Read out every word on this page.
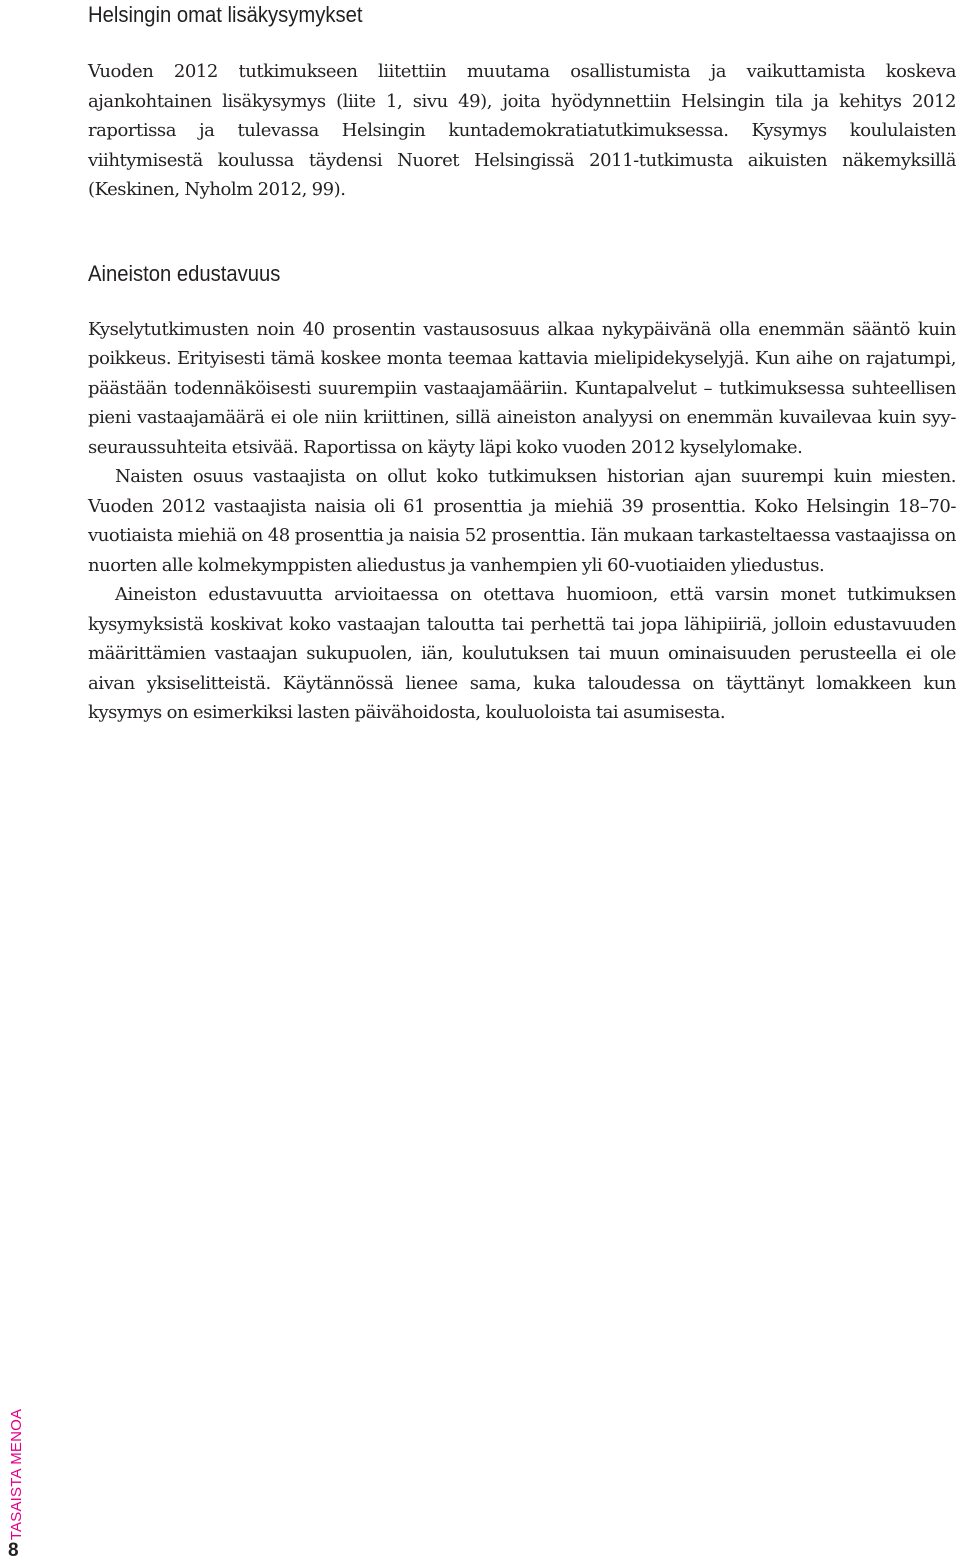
Helsingin omat lisäkysymykset

Vuoden 2012 tutkimukseen liitettiin muutama osallistumista ja vaikuttamista koskeva ajankohtainen lisäkysymys (liite 1, sivu 49), joita hyödynnettiin Helsingin tila ja kehitys 2012 raportissa ja tulevassa Helsingin kuntademokratiatutkimuksessa. Kysymys koululaisten viihtymisestä koulussa täydensi Nuoret Helsingissä 2011-tutkimusta aikuisten näkemyksillä (Keskinen, Nyholm 2012, 99).

Aineiston edustavuus

Kyselytutkimusten noin 40 prosentin vastausosuus alkaa nykypäivänä olla enemmän sääntö kuin poikkeus. Erityisesti tämä koskee monta teemaa kattavia mielipidekyselyjä. Kun aihe on rajatumpi, päästään todennäköisesti suurempiin vastaajamääriin. Kuntapalvelut – tutkimuksessa suhteellisen pieni vastaajamäärä ei ole niin kriittinen, sillä aineiston analyysi on enemmän kuvailevaa kuin syy-seuraussuhteita etsivää. Raportissa on käyty läpi koko vuoden 2012 kyselylomake.

Naisten osuus vastaajista on ollut koko tutkimuksen historian ajan suurempi kuin miesten. Vuoden 2012 vastaajista naisia oli 61 prosenttia ja miehiä 39 prosenttia. Koko Helsingin 18–70-vuotiaista miehiä on 48 prosenttia ja naisia 52 prosenttia. Iän mukaan tarkasteltaessa vastaajissa on nuorten alle kolmekymppisten aliedustus ja vanhempien yli 60-vuotiaiden yliedustus.

Aineiston edustavuutta arvioitaessa on otettava huomioon, että varsin monet tutkimuksen kysymyksistä koskivat koko vastaajan taloutta tai perhettä tai jopa lähipiiriä, jolloin edustavuuden määrittämien vastaajan sukupuolen, iän, koulutuksen tai muun ominaisuuden perusteella ei ole aivan yksiselitteistä. Käytännössä lienee sama, kuka taloudessa on täyttänyt lomakkeen kun kysymys on esimerkiksi lasten päivähoidosta, kouluoloista tai asumisesta.

TASAISTA MENOA
8
